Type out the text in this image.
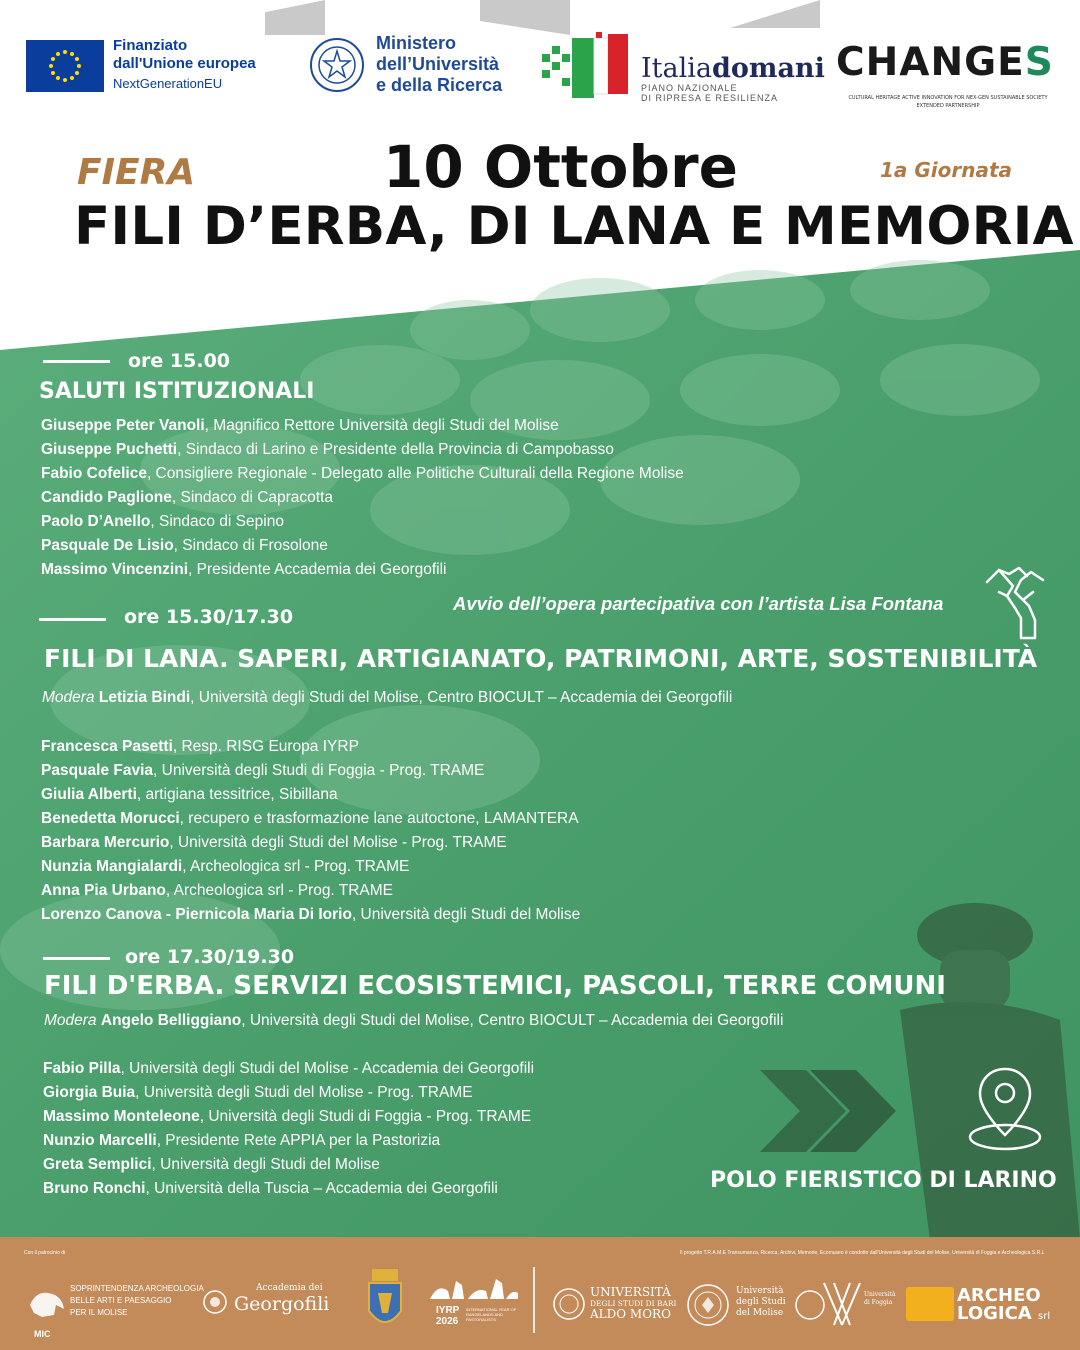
Finanziato
dall'Unione europea
NextGenerationEU
Ministero
dell’Università
e della Ricerca
Italiadomani
PIANO NAZIONALE
DI RIPRESA E RESILIENZA
CHANGES
CULTURAL HERITAGE ACTIVE INNOVATION FOR NEX-GEN SUSTAINABLE SOCIETY
EXTENDED PARTNERSHIP
FIERA	10 Ottobre	1a Giornata
FILI D’ERBA, DI LANA E MEMORIA
ore 15.00
SALUTI ISTITUZIONALI
Giuseppe Peter Vanoli, Magnifico Rettore Università degli Studi del Molise
Giuseppe Puchetti, Sindaco di Larino e Presidente della Provincia di Campobasso
Fabio Cofelice, Consigliere Regionale - Delegato alle Politiche Culturali della Regione Molise
Candido Paglione, Sindaco di Capracotta
Paolo D’Anello, Sindaco di Sepino
Pasquale De Lisio, Sindaco di Frosolone
Massimo Vincenzini, Presidente Accademia dei Georgofili
Avvio dell’opera partecipativa con l’artista Lisa Fontana
ore 15.30/17.30
FILI DI LANA. SAPERI, ARTIGIANATO, PATRIMONI, ARTE, SOSTENIBILITÀ
Modera Letizia Bindi, Università degli Studi del Molise, Centro BIOCULT – Accademia dei Georgofili
Francesca Pasetti, Resp. RISG Europa IYRP
Pasquale Favia, Università degli Studi di Foggia - Prog. TRAME
Giulia Alberti, artigiana tessitrice, Sibillana
Benedetta Morucci, recupero e trasformazione lane autoctone, LAMANTERA
Barbara Mercurio, Università degli Studi del Molise - Prog. TRAME
Nunzia Mangialardi, Archeologica srl - Prog. TRAME
Anna Pia Urbano, Archeologica srl - Prog. TRAME
Lorenzo Canova - Piernicola Maria Di Iorio, Università degli Studi del Molise
ore 17.30/19.30
FILI D'ERBA. SERVIZI ECOSISTEMICI, PASCOLI, TERRE COMUNI
Modera Angelo Belliggiano, Università degli Studi del Molise, Centro BIOCULT – Accademia dei Georgofili
Fabio Pilla, Università degli Studi del Molise - Accademia dei Georgofili
Giorgia Buia, Università degli Studi del Molise - Prog. TRAME
Massimo Monteleone, Università degli Studi di Foggia - Prog. TRAME
Nunzio Marcelli, Presidente Rete APPIA per la Pastorizia
Greta Semplici, Università degli Studi del Molise
Bruno Ronchi, Università della Tuscia – Accademia dei Georgofili	POLO FIERISTICO DI LARINO
Con il patrocinio di	Il progetto T.R.A.M.E Transumanza, Ricerca, Archivi, Memorie, Ecomuseo è condotto dall'Università degli Studi del Molise, Università di Foggia e Archeologica S.R.L
MIC
SOPRINTENDENZA ARCHEOLOGIA
BELLE ARTI E PAESAGGIO
PER IL MOLISE
Accademia dei
Georgofili	IYRP
2026
INTERNATIONAL YEAR OF RANGELANDS AND PASTORALISTS
UNIVERSITÀ
DEGLI STUDI DI BARI
ALDO MORO
Università
degli Studi
del Molise
Università
di Foggia	ARCHEO
LOGICA srl
